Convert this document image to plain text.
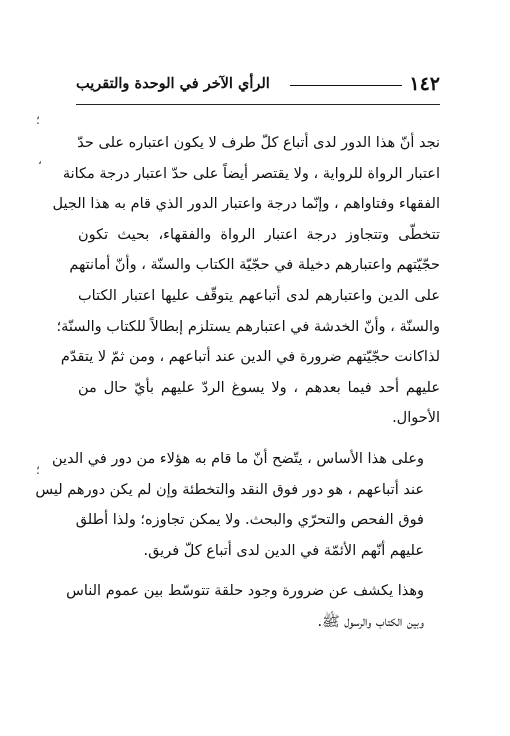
١٤٢
الرأي الآخر في الوحدة والتقريب
؛
،
؛

نجد أنّ هذا الدور لدى أتباع كلّ طرف لا يكون اعتباره على حدّ
اعتبار الرواة للرواية ، ولا يقتصر أيضاً على حدّ اعتبار درجة مكانة
الفقهاء وفتاواهم ، وإنّما درجة واعتبار الدور الذي قام به هذا الجيل
تتخطّى وتتجاوز درجة اعتبار الرواة والفقهاء، بحيث تكون
حجّيّتهم واعتبارهم دخيلة في حجّيّة الكتاب والسنّة ، وأنّ أمانتهم
على الدين واعتبارهم لدى أتباعهم يتوقّف عليها اعتبار الكتاب
والسنّة ، وأنّ الخدشة في اعتبارهم يستلزم إبطالاً للكتاب والسنّة؛
لذاكانت حجّيّتهم ضرورة في الدين عند أتباعهم ، ومن ثمّ لا يتقدّم
عليهم أحد فيما بعدهم ، ولا يسوغ الردّ عليهم بأيّ حال من
الأحوال.

وعلى هذا الأساس ، يتّضح أنّ ما قام به هؤلاء من دور في الدين
عند أتباعهم ، هو دور فوق النقد والتخطئة وإن لم يكن دورهم ليس
فوق الفحص والتحرّي والبحث. ولا يمكن تجاوزه؛ ولذا أطلق
عليهم أنّهم الأئمّة في الدين لدى أتباع كلّ فريق.

وهذا يكشف عن ضرورة وجود حلقة تتوسّط بين عموم الناس
وبين الكتاب والرسول ﷺ.
